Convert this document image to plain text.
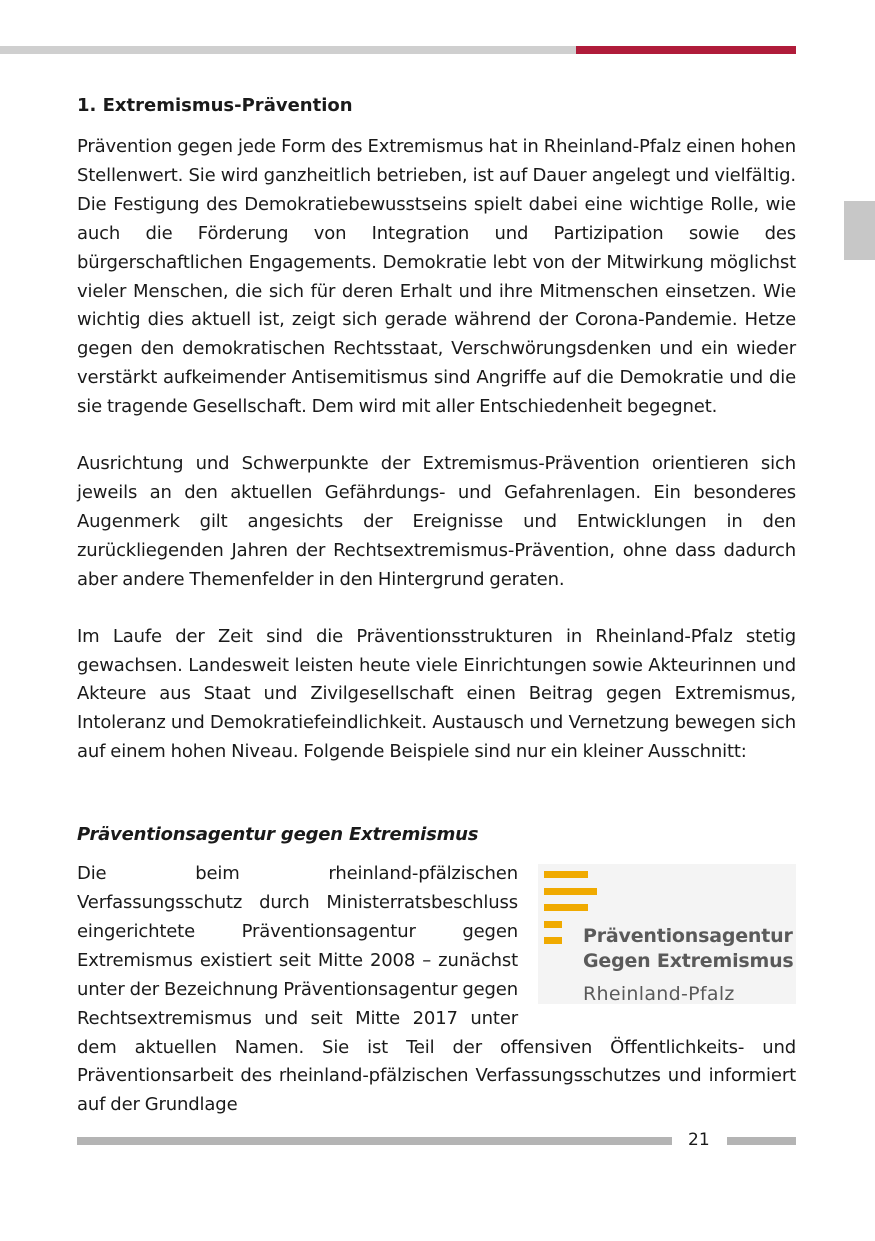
1. Extremismus-Prävention

Prävention gegen jede Form des Extremismus hat in Rheinland-Pfalz einen hohen Stellenwert. Sie wird ganzheitlich betrieben, ist auf Dauer angelegt und vielfältig. Die Festigung des Demokratiebewusstseins spielt dabei eine wichtige Rolle, wie auch die Förderung von Integration und Partizipation sowie des bürgerschaftlichen Engagements. Demokratie lebt von der Mitwirkung möglichst vieler Menschen, die sich für deren Erhalt und ihre Mitmenschen einsetzen. Wie wichtig dies aktuell ist, zeigt sich gerade während der Corona-Pandemie. Hetze gegen den demokratischen Rechtsstaat, Verschwörungsdenken und ein wieder verstärkt aufkeimender Antisemitismus sind Angriffe auf die Demokratie und die sie tragende Gesellschaft. Dem wird mit aller Entschiedenheit begegnet.

Ausrichtung und Schwerpunkte der Extremismus-Prävention orientieren sich jeweils an den aktuellen Gefährdungs- und Gefahrenlagen. Ein besonderes Augenmerk gilt angesichts der Ereignisse und Entwicklungen in den zurückliegenden Jahren der Rechtsextremismus-Prävention, ohne dass dadurch aber andere Themenfelder in den Hintergrund geraten.

Im Laufe der Zeit sind die Präventionsstrukturen in Rheinland-Pfalz stetig gewachsen. Landesweit leisten heute viele Einrichtungen sowie Akteurinnen und Akteure aus Staat und Zivilgesellschaft einen Beitrag gegen Extremismus, Intoleranz und Demokratiefeindlichkeit. Austausch und Vernetzung bewegen sich auf einem hohen Niveau. Folgende Beispiele sind nur ein kleiner Ausschnitt:

Präventionsagentur gegen Extremismus
Präventionsagentur
Gegen Extremismus
Rheinland-Pfalz

Die beim rheinland-pfälzischen Verfassungsschutz durch Ministerratsbeschluss eingerichtete Präventionsagentur gegen Extremismus existiert seit Mitte 2008 – zunächst unter der Bezeichnung Präventionsagentur gegen Rechtsextremismus und seit Mitte 2017 unter dem aktuellen Namen. Sie ist Teil der offensiven Öffentlichkeits- und Präventionsarbeit des rheinland-pfälzischen Verfassungsschutzes und informiert auf der Grundlage

21
